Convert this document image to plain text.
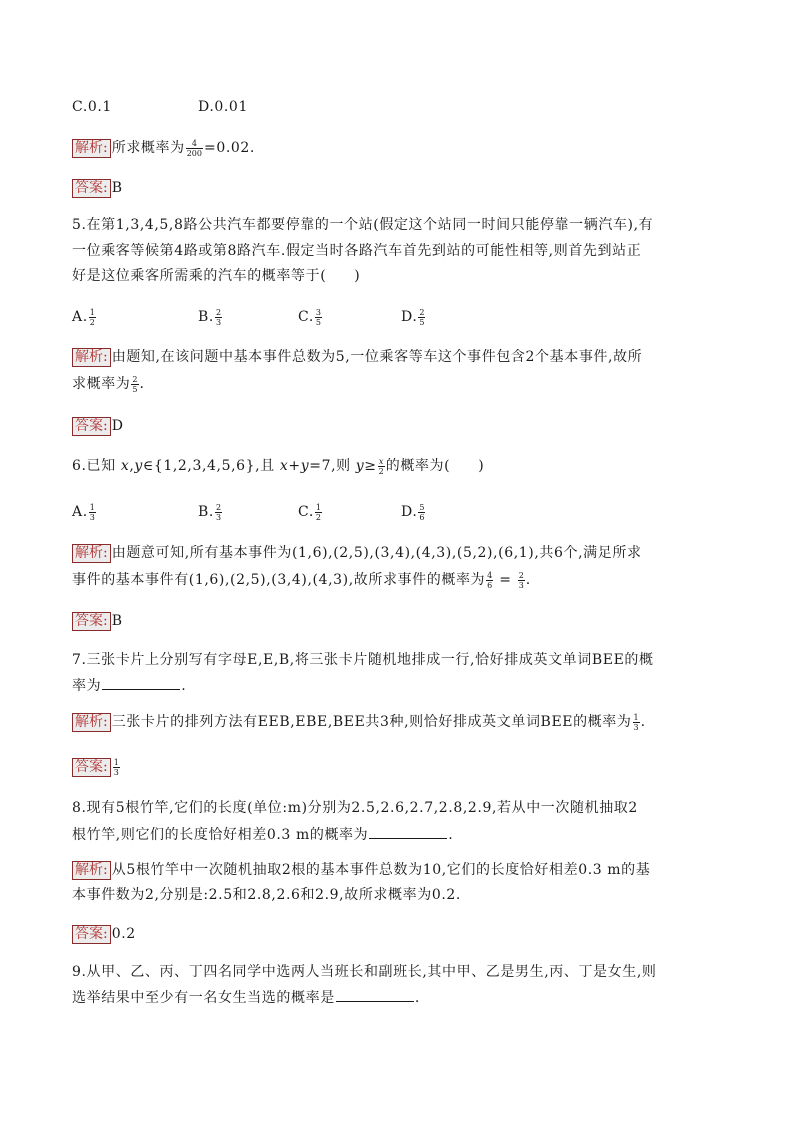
C.0.1	D.0.01
解析: 所求概率为 $\frac{4}{200} =0.02$.
答案: B
5.在第1,3,4,5,8路公共汽车都要停靠的一个站(假定这个站同一时间只能停靠一辆汽车),有
一位乘客等候第4路或第8路汽车.假定当时各路汽车首先到站的可能性相等,则首先到站正
好是这位乘客所需乘的汽车的概率等于( )
A. $\frac{1}{2}$	B. $\frac{2}{3}$	C. $\frac{3}{5}$	D. $\frac{2}{5}$
解析: 由题知,在该问题中基本事件总数为5,一位乘客等车这个事件包含2个基本事件,故所
求概率为 $\frac{2}{5}$ .
答案: D
6.已知 x,y∈{1,2,3,4,5,6},且 x+y=7,则 $y\ge \frac{x}{2}$ 的概率为( )
A. $\frac{1}{3}$	B. $\frac{2}{3}$	C. $\frac{1}{2}$	D. $\frac{5}{6}$
解析: 由题意可知,所有基本事件为(1,6),(2,5),(3,4),(4,3),(5,2),(6,1),共6个,满足所求
事件的基本事件有(1,6),(2,5),(3,4),(4,3),故所求事件的概率为 $\frac{4}{6} = \frac{2}{3}$ .
答案: B
7.三张卡片上分别写有字母E,E,B,将三张卡片随机地排成一行,恰好排成英文单词BEE的概
率为	.
解析: 三张卡片的排列方法有EEB,EBE,BEE共3种,则恰好排成英文单词BEE的概率为 $\frac{1}{3}$ .
答案: $\frac{1}{3}$
8.现有5根竹竿,它们的长度(单位:m)分别为2.5,2.6,2.7,2.8,2.9,若从中一次随机抽取2
根竹竿,则它们的长度恰好相差0.3 m的概率为	.
解析: 从5根竹竿中一次随机抽取2根的基本事件总数为10,它们的长度恰好相差0.3 m的基
本事件数为2,分别是:2.5和2.8,2.6和2.9,故所求概率为0.2.
答案: 0.2
9.从甲、乙、丙、丁四名同学中选两人当班长和副班长,其中甲、乙是男生,丙、丁是女生,则
选举结果中至少有一名女生当选的概率是	.
